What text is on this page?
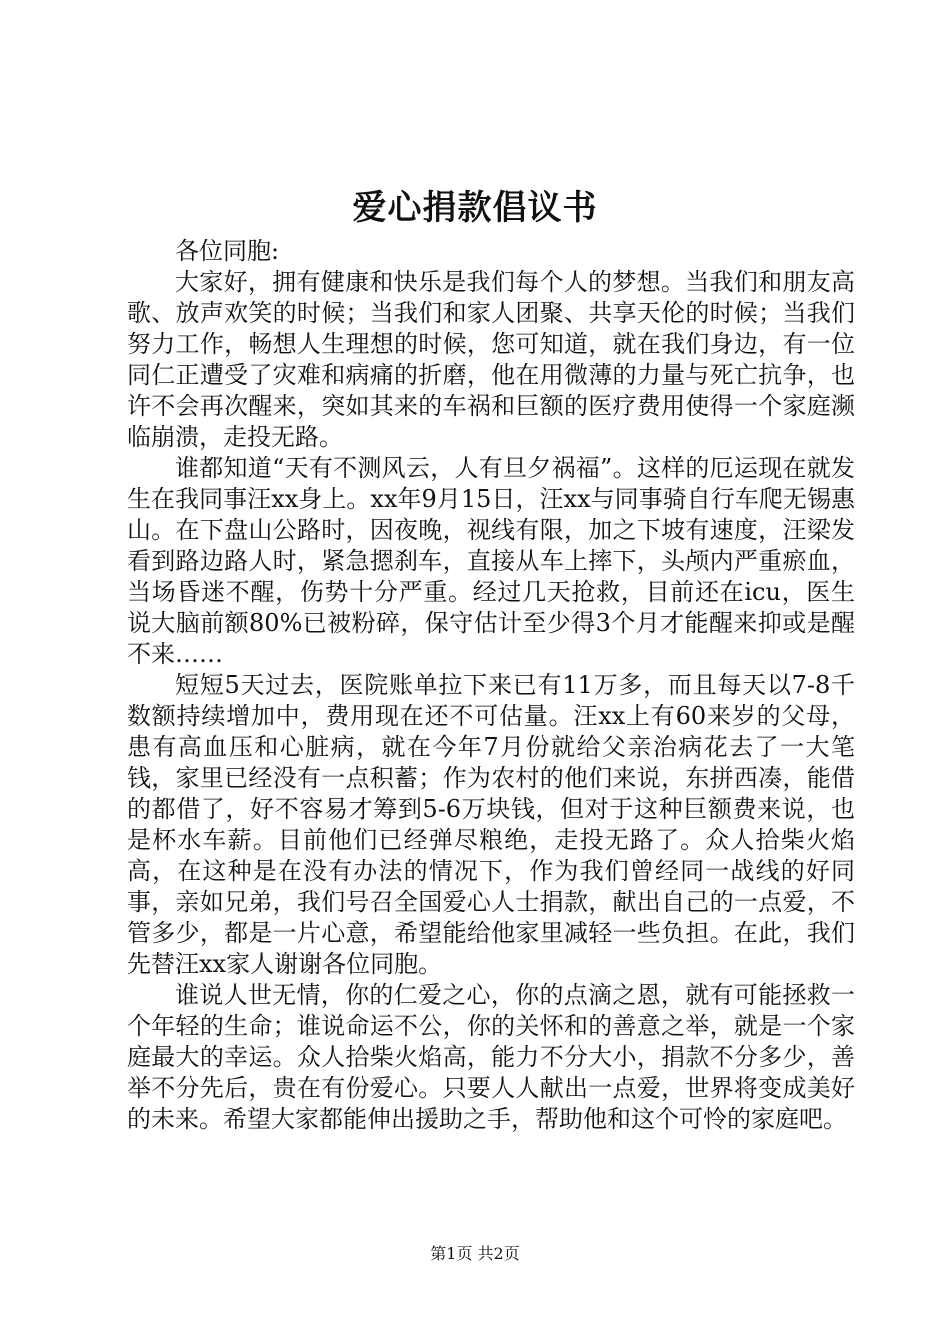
爱心捐款倡议书

各位同胞:

大家好，拥有健康和快乐是我们每个人的梦想。当我们和朋友高歌、放声欢笑的时候；当我们和家人团聚、共享天伦的时候；当我们努力工作，畅想人生理想的时候，您可知道，就在我们身边，有一位同仁正遭受了灾难和病痛的折磨，他在用微薄的力量与死亡抗争，也许不会再次醒来，突如其来的车祸和巨额的医疗费用使得一个家庭濒临崩溃，走投无路。

谁都知道“天有不测风云，人有旦夕祸福”。这样的厄运现在就发生在我同事汪xx身上。xx年9月15日，汪xx与同事骑自行车爬无锡惠山。在下盘山公路时，因夜晚，视线有限，加之下坡有速度，汪梁发看到路边路人时，紧急摁刹车，直接从车上摔下，头颅内严重瘀血，当场昏迷不醒，伤势十分严重。经过几天抢救，目前还在icu，医生说大脑前额80%已被粉碎，保守估计至少得3个月才能醒来抑或是醒不来……

短短5天过去，医院账单拉下来已有11万多，而且每天以7-8千数额持续增加中，费用现在还不可估量。汪xx上有60来岁的父母，患有高血压和心脏病，就在今年7月份就给父亲治病花去了一大笔钱，家里已经没有一点积蓄；作为农村的他们来说，东拼西凑，能借的都借了，好不容易才筹到5-6万块钱，但对于这种巨额费来说，也是杯水车薪。目前他们已经弹尽粮绝，走投无路了。众人拾柴火焰高，在这种是在没有办法的情况下，作为我们曾经同一战线的好同事，亲如兄弟，我们号召全国爱心人士捐款，献出自己的一点爱，不管多少，都是一片心意，希望能给他家里减轻一些负担。在此，我们先替汪xx家人谢谢各位同胞。

谁说人世无情，你的仁爱之心，你的点滴之恩，就有可能拯救一个年轻的生命；谁说命运不公，你的关怀和的善意之举，就是一个家庭最大的幸运。众人拾柴火焰高，能力不分大小，捐款不分多少，善举不分先后，贵在有份爱心。只要人人献出一点爱，世界将变成美好的未来。希望大家都能伸出援助之手，帮助他和这个可怜的家庭吧。

第1页 共2页
